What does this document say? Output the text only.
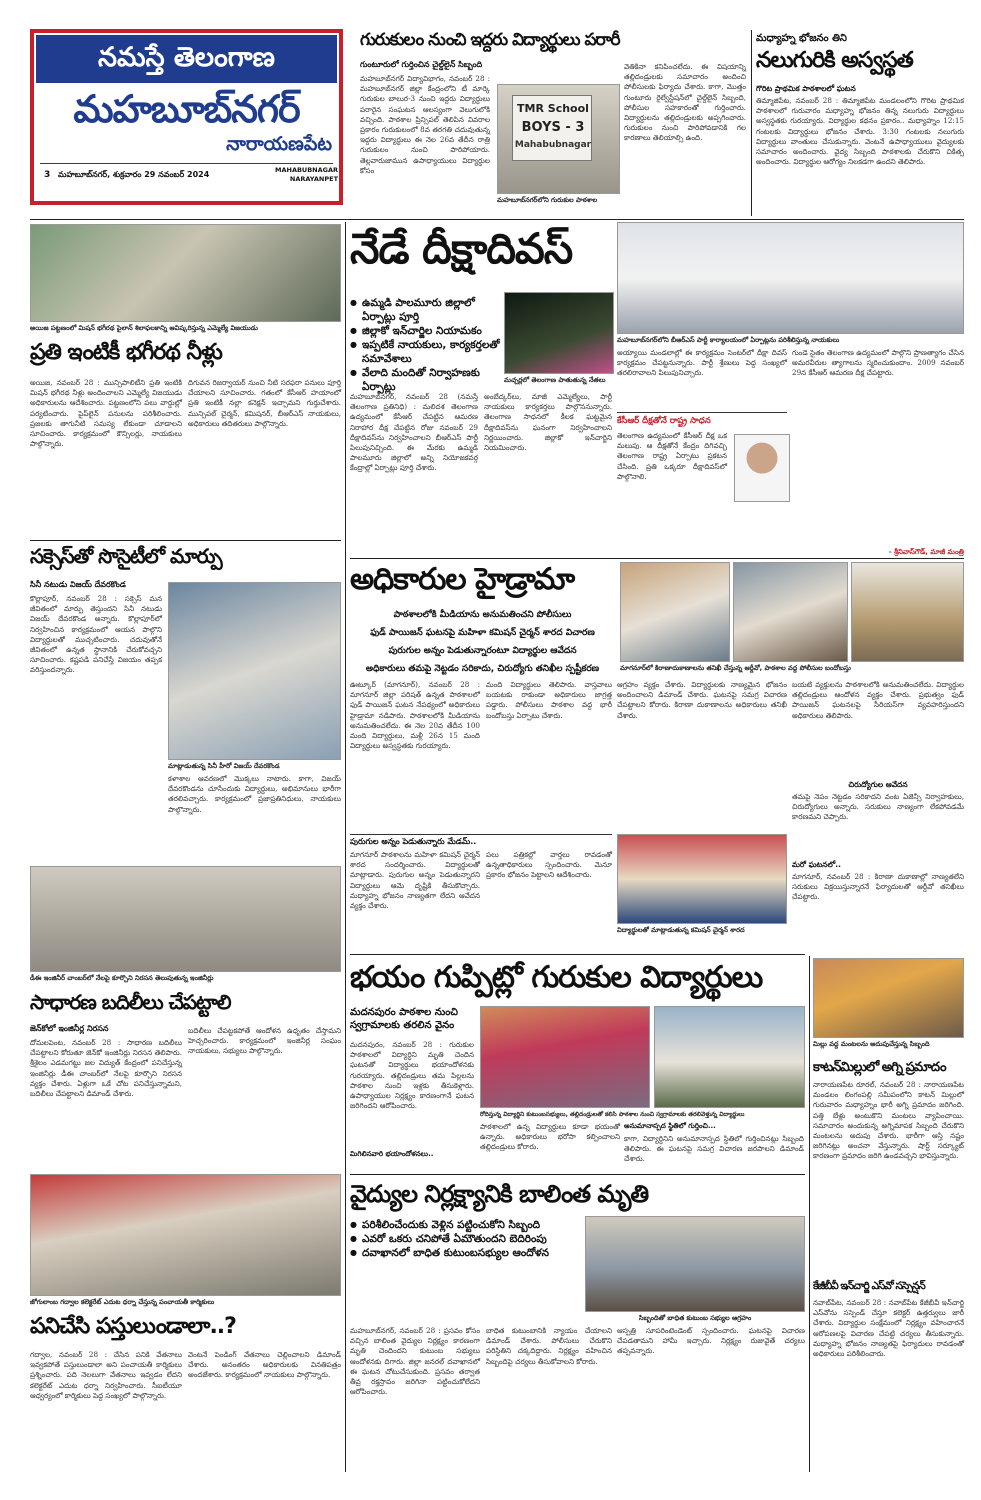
నమస్తే తెలంగాణ
మహబూబ్‌నగర్
నారాయణపేట
3 మహబూబ్‌నగర్, శుక్రవారం 29 నవంబర్ 2024	MAHABUBNAGAR
NARAYANPET
గురుకులం నుంచి ఇద్దరు విద్యార్థులు పరారీ
గుంటూరులో గుర్తించిన చైల్డ్‌లైన్ సిబ్బంది
మహబూబ్‌నగర్‌ విద్యావిభాగం, నవంబర్ 28 : మహబూబ్‌నగర్‌ జిల్లా కేంద్రంలోని టీ మార్కె గురుకుల బాలుర-3 నుంచి ఇద్దరు విద్యార్థులు పరారైన సంఘటన ఆలస్యంగా వెలుగులోకి వచ్చింది. పాఠశాల ప్రిన్సిపల్ తెలిపిన వివరాల ప్రకారం గురుకులంలో 8వ తరగతి చదువుతున్న ఇద్దరు విద్యార్థులు ఈ నెల 26వ తేదీన రాత్రి గురుకులం నుంచి పారిపోయారు. తెల్లవారుజామున ఉపాధ్యాయులు విద్యార్థుల కోసం
TMR School
BOYS - 3
Mahabubnagar
మహబూబ్‌నగర్‌లోని గురుకుల పాఠశాల
వెతికినా కనిపించలేదు. ఈ విషయాన్ని తల్లిదండ్రులకు సమాచారం అందించి పోలీసులకు ఫిర్యాదు చేశారు. కాగా, మొత్తం గుంటూరు రైల్వేస్టేషన్‌లో చైల్డ్‌లైన్ సిబ్బంది, పోలీసుల సహకారంతో గుర్తించారు. విద్యార్థులను తల్లిదండ్రులకు అప్పగించారు. గురుకులం నుంచి పారిపోవడానికి గల కారణాలు తెలియాల్సి ఉంది.
మధ్యాహ్న భోజనం తిని
నలుగురికి అస్వస్థత
గొరిట ప్రాథమిక పాఠశాలలో ఘటన
తిమ్మాజిపేట, నవంబర్ 28 : తిమ్మాజిపేట మండలంలోని గొరిట ప్రాథమిక పాఠశాలలో గురువారం మధ్యాహ్న భోజనం తిన్న నలుగురు విద్యార్థులు అస్వస్థతకు గురయ్యారు. విద్యార్థుల కథనం ప్రకారం.. మధ్యాహ్నం 12:15 గంటలకు విద్యార్థులు భోజనం చేశారు. 3:30 గంటలకు నలుగురు విద్యార్థులు వాంతులు చేసుకున్నారు. వెంటనే ఉపాధ్యాయులు వైద్యులకు సమాచారం అందించారు. వైద్య సిబ్బంది పాఠశాలకు చేరుకొని చికిత్స అందించారు. విద్యార్థుల ఆరోగ్యం నిలకడగా ఉందని తెలిపారు.
అయిజ పట్టణంలో మిషన్ భగీరథ పైలాన్ శిలాఫలకాన్ని ఆవిష్కరిస్తున్న ఎమ్మెల్యే విజయుడు
ప్రతి ఇంటికీ భగీరథ నీళ్లు
అయిజ, నవంబర్ 28 : మున్సిపాలిటీని ప్రతి ఇంటికి మిషన్ భగీరథ నీళ్లు అందించాలని ఎమ్మెల్యే విజయుడు అధికారులను ఆదేశించారు. పట్టణంలోని పలు వార్డుల్లో పర్యటించారు. పైప్‌లైన్ పనులను పరిశీలించారు. ప్రజలకు తాగునీటి సమస్య లేకుండా చూడాలని సూచించారు. కార్యక్రమంలో కౌన్సిలర్లు, నాయకులు పాల్గొన్నారు.
దిగువన రిజర్వాయర్ నుంచి నీటి సరఫరా పనులు పూర్తి చేయాలని సూచించారు. గతంలో కేసీఆర్ హయాంలో ప్రతి ఇంటికీ నల్లా కనెక్షన్ ఇచ్చామని గుర్తుచేశారు. మున్సిపల్ చైర్మన్, కమిషనర్, బీఆర్‌ఎస్ నాయకులు, అధికారులు తదితరులు పాల్గొన్నారు.
సక్సెస్‌తో సొసైటీలో మార్పు
సినీ నటుడు విజయ్ దేవరకొండ
కొల్లాపూర్, నవంబర్ 28 : సక్సెస్ మన జీవితంలో మార్పు తెస్తుందని సినీ నటుడు విజయ్ దేవరకొండ అన్నారు. కొల్లాపూర్‌లో నిర్వహించిన కార్యక్రమంలో ఆయన పాల్గొని విద్యార్థులతో ముచ్చటించారు. చదువుతోనే జీవితంలో ఉన్నత స్థానానికి చేరుకోవచ్చని సూచించారు. కష్టపడి పనిచేస్తే విజయం తప్పక వరిస్తుందన్నారు.
మాట్లాడుతున్న సినీ హీరో విజయ్ దేవరకొండ
కళాశాల ఆవరణలో మొక్కలు నాటారు. కాగా, విజయ్ దేవరకొండను చూసేందుకు విద్యార్థులు, అభిమానులు భారీగా తరలివచ్చారు. కార్యక్రమంలో ప్రజాప్రతినిధులు, నాయకులు పాల్గొన్నారు.
డీఈ ఇంజినీర్ చాంబర్‌లో నేలపై కూర్చొని నిరసన తెలుపుతున్న ఇంజినీర్లు
సాధారణ బదిలీలు చేపట్టాలి
జెన్‌కోలో ఇంజినీర్ల నిరసన
దోమలపెంట, నవంబర్ 28 : సాధారణ బదిలీలు చేపట్టాలని కోరుతూ జెన్‌కో ఇంజినీర్లు నిరసన తెలిపారు. శ్రీశైలం ఎడమగట్టు జల విద్యుత్ కేంద్రంలో పనిచేస్తున్న ఇంజినీర్లు డీఈ చాంబర్‌లో నేలపై కూర్చొని నిరసన వ్యక్తం చేశారు. ఏళ్లుగా ఒకే చోట పనిచేస్తున్నామని, బదిలీలు చేపట్టాలని డిమాండ్ చేశారు.
బదిలీలు చేపట్టకపోతే ఆందోళన ఉధృతం చేస్తామని హెచ్చరించారు. కార్యక్రమంలో ఇంజినీర్ల సంఘం నాయకులు, సభ్యులు పాల్గొన్నారు.
జోగులాంబ గద్వాల కలెక్టరేట్ ఎదుట ధర్నా చేస్తున్న పంచాయతీ కార్మికులు
పనిచేసి పస్తులుండాలా..?
గద్వాల, నవంబర్ 28 : చేసిన పనికి వేతనాలు ఇవ్వకపోతే పస్తులుండాలా అని పంచాయతీ కార్మికులు ప్రశ్నించారు. పది నెలలుగా వేతనాలు ఇవ్వడం లేదని కలెక్టరేట్ ఎదుట ధర్నా నిర్వహించారు. సీఐటీయూ ఆధ్వర్యంలో కార్మికులు పెద్ద సంఖ్యలో పాల్గొన్నారు.
వెంటనే పెండింగ్ వేతనాలు చెల్లించాలని డిమాండ్ చేశారు. అనంతరం అధికారులకు వినతిపత్రం అందజేశారు. కార్యక్రమంలో నాయకులు పాల్గొన్నారు.
నేడే దీక్షాదివస్
● ఉమ్మడి పాలమూరు జిల్లాలో ఏర్పాట్లు పూర్తి
● జిల్లాకో ఇన్‌చార్జిల నియామకం
● ఇప్పటికే నాయకులు, కార్యకర్తలతో సమావేశాలు
● వేలాది మందితో నిర్వాహణకు ఏర్పాట్లు
మహబూబ్‌నగర్‌లోని బీఆర్‌ఎస్ పార్టీ కార్యాలయంలో ఏర్పాట్లను పరిశీలిస్తున్న నాయకులు
మచ్చర్లలో తెలంగాణ పాతుతున్న నేతలు
మహబూబ్‌నగర్, నవంబర్ 28 (నమస్తే తెలంగాణ ప్రతినిధి) : మలిదశ తెలంగాణ ఉద్యమంలో కేసీఆర్ చేపట్టిన ఆమరణ నిరాహార దీక్ష చేపట్టిన రోజు నవంబర్ 29 దీక్షాదివస్‌ను నిర్వహించాలని బీఆర్‌ఎస్ పార్టీ పిలుపునిచ్చింది. ఈ మేరకు ఉమ్మడి పాలమూరు జిల్లాలో అన్ని నియోజకవర్గ కేంద్రాల్లో ఏర్పాట్లు పూర్తి చేశారు.
అంబేద్కర్‌లు, మాజీ ఎమ్మెల్యేలు, పార్టీ నాయకులు కార్యకర్తలు పాల్గొననున్నారు. తెలంగాణ సాధనలో కీలక ఘట్టమైన దీక్షాదివస్‌ను ఘనంగా నిర్వహించాలని నిర్ణయించారు. జిల్లాకో ఇన్‌చార్జిని నియమించారు.
అయ్యాయి మండలాల్లో ఈ కార్యక్రమం సెంటర్‌లో దీక్షా దివస్ కార్యక్రమం చేపట్టనున్నారు. పార్టీ శ్రేణులు పెద్ద సంఖ్యలో తరలిరావాలని పిలుపునిచ్చారు.
గుండె సైతం తెలంగాణ ఉద్యమంలో పాల్గొని ప్రాణత్యాగం చేసిన అమరవీరుల త్యాగాలను స్మరించుకుందాం. 2009 నవంబర్ 29న కేసీఆర్ ఆమరణ దీక్ష చేపట్టారు.
కేసీఆర్ దీక్షతోనే రాష్ట్ర సాధన
తెలంగాణ ఉద్యమంలో కేసీఆర్ దీక్ష ఒక మలుపు. ఆ దీక్షతోనే కేంద్రం దిగివచ్చి తెలంగాణ రాష్ట్ర ఏర్పాటు ప్రకటన చేసింది. ప్రతి ఒక్కరూ దీక్షాదివస్‌లో పాల్గొనాలి.
- శ్రీనివాస్‌గౌడ్, మాజీ మంత్రి
అధికారుల హైడ్రామా
మాగనూర్‌లో కిరాణాదుకాణాలను తనిఖీ చేస్తున్న ఆర్డీవో, పాఠశాల వద్ద పోలీసుల బందోబస్తు
పాఠశాలలోకి మీడియాను అనుమతించని పోలీసులు
ఫుడ్ పాయిజన్ ఘటనపై మహిళా కమిషన్ చైర్మన్ శారద విచారణ
పురుగుల అన్నం పెడుతున్నారంటూ విద్యార్థుల ఆవేదన
అధికారులు తమపై నెట్టడం సరికాదు, చిరుద్యోగు తనిఖీల స్పష్టీకరణ
ఊట్కూర్ (మాగనూర్), నవంబర్ 28 : మాగనూర్ జిల్లా పరిషత్ ఉన్నత పాఠశాలలో ఫుడ్ పాయిజన్ ఘటన నేపథ్యంలో అధికారులు హైడ్రామా నడిపారు. పాఠశాలలోకి మీడియాను అనుమతించలేదు. ఈ నెల 20వ తేదీన 100 మంది విద్యార్థులు, మళ్లీ 26న 15 మంది విద్యార్థులు అస్వస్థతకు గురయ్యారు.
మంది విద్యార్థులు తెలిపారు. వాస్తవాలు బయటకు రాకుండా అధికారులు జాగ్రత్త పడ్డారు. పోలీసులు పాఠశాల వద్ద భారీ బందోబస్తు ఏర్పాటు చేశారు.
ఆగ్రహం వ్యక్తం చేశారు. విద్యార్థులకు నాణ్యమైన భోజనం అందించాలని డిమాండ్ చేశారు. ఘటనపై సమగ్ర విచారణ చేపట్టాలని కోరారు. కిరాణా దుకాణాలను అధికారులు తనిఖీ చేశారు.
బయటి వ్యక్తులను పాఠశాలలోకి అనుమతించలేదు. విద్యార్థుల తల్లిదండ్రులు ఆందోళన వ్యక్తం చేశారు. ప్రభుత్వం ఫుడ్ పాయిజన్ ఘటనలపై సీరియస్‌గా వ్యవహరిస్తుందని అధికారులు తెలిపారు.
చిరుద్యోగుల ఆవేదన
తమపై నెపం నెట్టడం సరికాదని వంట ఏజెన్సీ నిర్వాహకులు, చిరుద్యోగులు అన్నారు. సరుకులు నాణ్యంగా లేకపోవడమే కారణమని చెప్పారు.
మరో ఘటనలో..
మాగనూర్, నవంబర్ 28 : కిరాణా దుకాణాల్లో నాణ్యతలేని సరుకులు విక్రయిస్తున్నారనే ఫిర్యాదులతో ఆర్డీవో తనిఖీలు చేపట్టారు.
పురుగుల అన్నం పెడుతున్నారు మేడమ్..
మాగనూర్ పాఠశాలను మహిళా కమిషన్ చైర్మన్ శారద సందర్శించారు. విద్యార్థులతో మాట్లాడారు. పురుగుల అన్నం పెడుతున్నారని విద్యార్థులు ఆమె దృష్టికి తీసుకొచ్చారు. మధ్యాహ్న భోజనం నాణ్యతగా లేదని ఆవేదన వ్యక్తం చేశారు.
పలు పత్రికల్లో వార్తలు రావడంతో ఉన్నతాధికారులు స్పందించారు. మెనూ ప్రకారం భోజనం పెట్టాలని ఆదేశించారు.
విద్యార్థులతో మాట్లాడుతున్న కమిషన్ చైర్మన్ శారద
భయం గుప్పిట్లో గురుకుల విద్యార్థులు
మదనపురం పాఠశాల నుంచి స్వగ్రామాలకు తరలిన వైనం
రోదిస్తున్న విద్యార్థిని కుటుంబసభ్యులు, తల్లిదండ్రులతో కలిసి పాఠశాల నుంచి స్వగ్రామాలకు తరలివెళ్తున్న విద్యార్థులు
మదనపురం, నవంబర్ 28 : గురుకుల పాఠశాలలో విద్యార్థిని మృతి చెందిన ఘటనతో విద్యార్థులు భయాందోళనకు గురయ్యారు. తల్లిదండ్రులు తమ పిల్లలను పాఠశాల నుంచి ఇళ్లకు తీసుకెళ్లారు. ఉపాధ్యాయుల నిర్లక్ష్యం కారణంగానే ఘటన జరిగిందని ఆరోపించారు.
మిగిలినవారి భయాందోళనలు..
పాఠశాలలో ఉన్న విద్యార్థులు కూడా భయంతో ఉన్నారు. అధికారులు భరోసా కల్పించాలని తల్లిదండ్రులు కోరారు.
అనుమానాస్పద స్థితిలో గుర్తించి...
కాగా, విద్యార్థినిని అనుమానాస్పద స్థితిలో గుర్తించినట్లు సిబ్బంది తెలిపారు. ఈ ఘటనపై సమగ్ర విచారణ జరపాలని డిమాండ్ చేశారు.
వైద్యుల నిర్లక్ష్యానికి బాలింత మృతి
● పరిశీలించేందుకు వెళ్లిన పట్టించుకోని సిబ్బంది
● ఎవరో ఒకరు చనిపోతే ఏమౌతుందని బెదిరింపు
● దవాఖానలో బాధిత కుటుంబసభ్యుల ఆందోళన
సిబ్బందితో బాధిత కుటుంబ సభ్యుల ఆగ్రహం
మహబూబ్‌నగర్, నవంబర్ 28 : ప్రసవం కోసం వచ్చిన బాలింత వైద్యుల నిర్లక్ష్యం కారణంగా మృతి చెందిందని కుటుంబ సభ్యులు ఆందోళనకు దిగారు. జిల్లా జనరల్ దవాఖానలో ఈ ఘటన చోటుచేసుకుంది. ప్రసవం తర్వాత తీవ్ర రక్తస్రావం జరిగినా పట్టించుకోలేదని ఆరోపించారు.
బాధిత కుటుంబానికి న్యాయం చేయాలని డిమాండ్ చేశారు. పోలీసులు చేరుకొని పరిస్థితిని చక్కదిద్దారు. నిర్లక్ష్యం వహించిన సిబ్బందిపై చర్యలు తీసుకోవాలని కోరారు.
ఆస్పత్రి సూపరింటెండెంట్ స్పందించారు. ఘటనపై విచారణ చేపడతామని హామీ ఇచ్చారు. నిర్లక్ష్యం రుజువైతే చర్యలు తప్పవన్నారు.
మిల్లు వద్ద మంటలను అదుపుచేస్తున్న సిబ్బంది
కాటన్‌మిల్లులో అగ్ని ప్రమాదం
నారాయణపేట రూరల్, నవంబర్ 28 : నారాయణపేట మండలం లింగంపల్లి సమీపంలోని కాటన్ మిల్లులో గురువారం మధ్యాహ్నం భారీ అగ్ని ప్రమాదం జరిగింది. పత్తి బేళ్లు అంటుకొని మంటలు వ్యాపించాయి. సమాచారం అందుకున్న అగ్నిమాపక సిబ్బంది చేరుకొని మంటలను అదుపు చేశారు. భారీగా ఆస్తి నష్టం జరిగినట్లు అంచనా వేస్తున్నారు. షార్ట్ సర్క్యూట్ కారణంగా ప్రమాదం జరిగి ఉండవచ్చని భావిస్తున్నారు.
కేజీబీవీ ఇన్‌చార్జి ఎస్‌వో సస్పెన్షన్
నవాబ్‌పేట, నవంబర్ 28 : నవాబ్‌పేట కేజీబీవీ ఇన్‌చార్జి ఎస్‌వోను సస్పెండ్ చేస్తూ కలెక్టర్ ఉత్తర్వులు జారీ చేశారు. విద్యార్థుల సంక్షేమంలో నిర్లక్ష్యం వహించారనే ఆరోపణలపై విచారణ చేపట్టి చర్యలు తీసుకున్నారు. మధ్యాహ్న భోజనం నాణ్యతపై ఫిర్యాదులు రావడంతో అధికారులు పరిశీలించారు.
